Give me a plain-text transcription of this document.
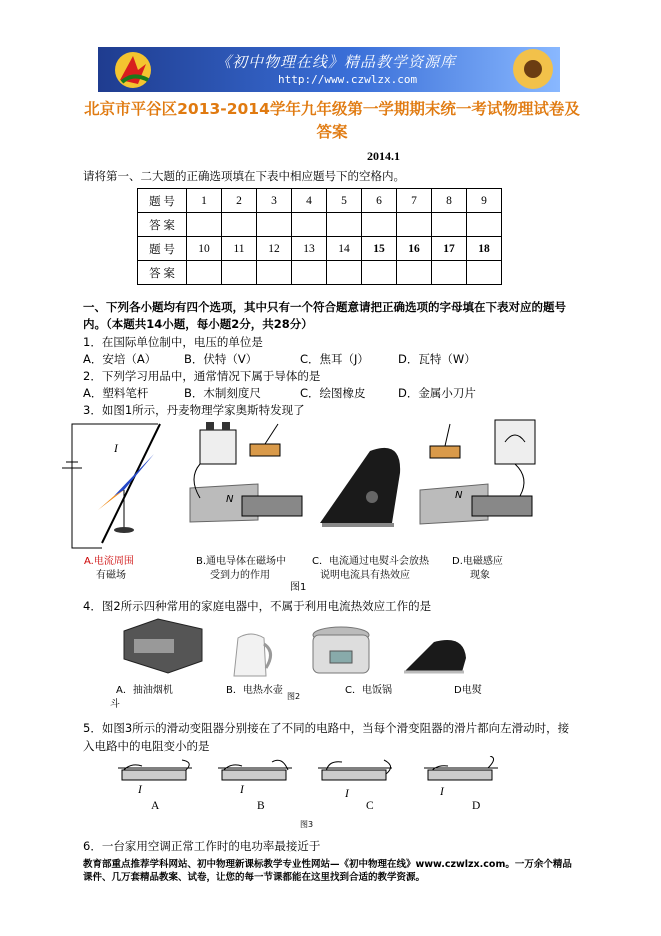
《初中物理在线》精品教学资源库
http://www.czwlzx.com
北京市平谷区2013-2014学年九年级第一学期期末统一考试物理试卷及答案
2014.1
请将第一、二大题的正确选项填在下表中相应题号下的空格内。
题 号	1	2	3	4	5	6	7	8	9
答 案									
题 号	10	11	12	13	14	15	16	17	18
答 案									
一、下列各小题均有四个选项，其中只有一个符合题意请把正确选项的字母填在下表对应的题号
内。（本题共14小题，每小题2分，共28分）
1．在国际单位制中，电压的单位是
A．安培（A） B．伏特（V）	C．焦耳（J）	D．瓦特（W）
2．下列学习用品中，通常情况下属于导体的是
A．塑料笔杆	B．木制刻度尺	C．绘图橡皮	D．金属小刀片
3．如图1所示，丹麦物理学家奥斯特发现了
I
N	N
A.电流周围
有磁场
B.通电导体在磁场中
受到力的作用
C．电流通过电熨斗会放热
说明电流具有热效应
D.电磁感应
现象
图1
4．图2所示四种常用的家庭电器中，不属于利用电流热效应工作的是
A．抽油烟机
斗
B．电热水壶
图2
C．电饭锅	D电熨
5．如图3所示的滑动变阻器分别接在了不同的电路中，当每个滑变阻器的滑片都向左滑动时，接
入电路中的电阻变小的是
I	I	I	I
A	B	C	D
图3
6．一台家用空调正常工作时的电功率最接近于
教育部重点推荐学科网站、初中物理新课标教学专业性网站—《初中物理在线》www.czwlzx.com。一万余个精品
课件、几万套精品教案、试卷，让您的每一节课都能在这里找到合适的教学资源。
